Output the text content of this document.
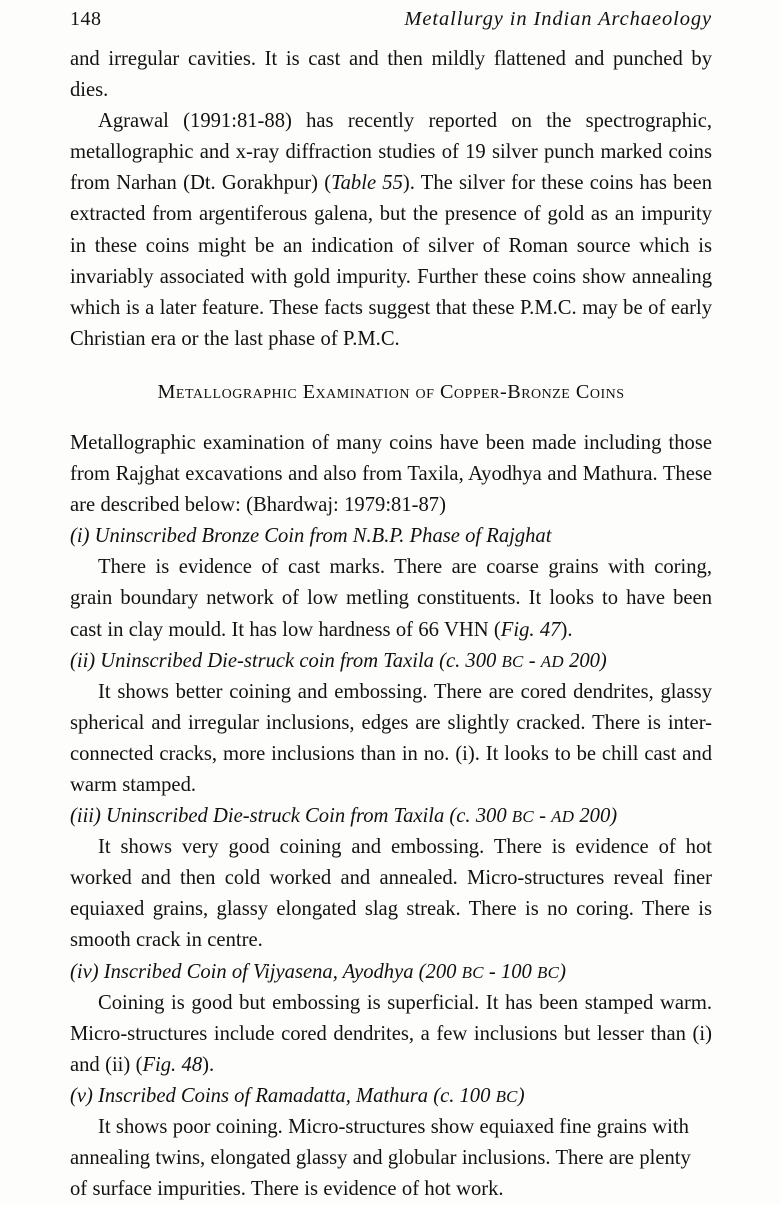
148	Metallurgy in Indian Archaeology

and irregular cavities. It is cast and then mildly flattened and punched by dies.

Agrawal (1991:81-88) has recently reported on the spectrographic, metallographic and x-ray diffraction studies of 19 silver punch marked coins from Narhan (Dt. Gorakhpur) (Table 55). The silver for these coins has been extracted from argentiferous galena, but the presence of gold as an impurity in these coins might be an indication of silver of Roman source which is invariably associated with gold impurity. Further these coins show annealing which is a later feature. These facts suggest that these P.M.C. may be of early Christian era or the last phase of P.M.C.

Metallographic Examination of Copper-Bronze Coins

Metallographic examination of many coins have been made including those from Rajghat excavations and also from Taxila, Ayodhya and Mathura. These are described below: (Bhardwaj: 1979:81-87)

(i) Uninscribed Bronze Coin from N.B.P. Phase of Rajghat

There is evidence of cast marks. There are coarse grains with coring, grain boundary network of low metling constituents. It looks to have been cast in clay mould. It has low hardness of 66 VHN (Fig. 47).

(ii) Uninscribed Die-struck coin from Taxila (c. 300 BC - AD 200)

It shows better coining and embossing. There are cored dendrites, glassy spherical and irregular inclusions, edges are slightly cracked. There is inter-connected cracks, more inclusions than in no. (i). It looks to be chill cast and warm stamped.

(iii) Uninscribed Die-struck Coin from Taxila (c. 300 BC - AD 200)

It shows very good coining and embossing. There is evidence of hot worked and then cold worked and annealed. Micro-structures reveal finer equiaxed grains, glassy elongated slag streak. There is no coring. There is smooth crack in centre.

(iv) Inscribed Coin of Vijyasena, Ayodhya (200 BC - 100 BC)

Coining is good but embossing is superficial. It has been stamped warm. Micro-structures include cored dendrites, a few inclusions but lesser than (i) and (ii) (Fig. 48).

(v) Inscribed Coins of Ramadatta, Mathura (c. 100 BC)

It shows poor coining. Micro-structures show equiaxed fine grains with annealing twins, elongated glassy and globular inclusions. There are plenty of surface impurities. There is evidence of hot work.
